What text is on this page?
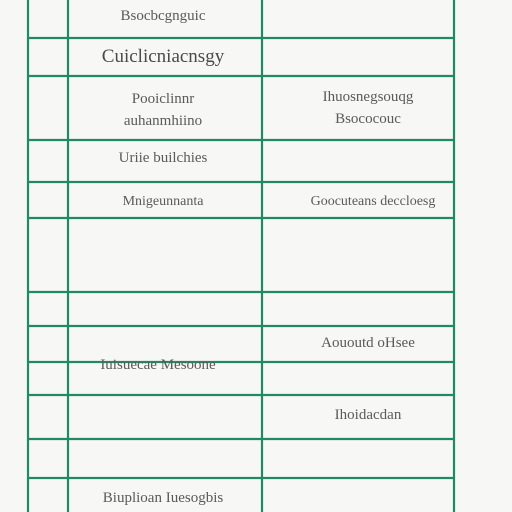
Bsocbcgnguic
Cuiclicniacnsgy
Pooiclinnr
auhanmhiino
Ihuosnegsouqg
Bsococouc
Uriie builchies
Mnigeunnanta	Goocuteans deccloesg
Aououtd oHsee
Iuisuecae Mesoone
Ihoidacdan
Biuplioan Iuesogbis
